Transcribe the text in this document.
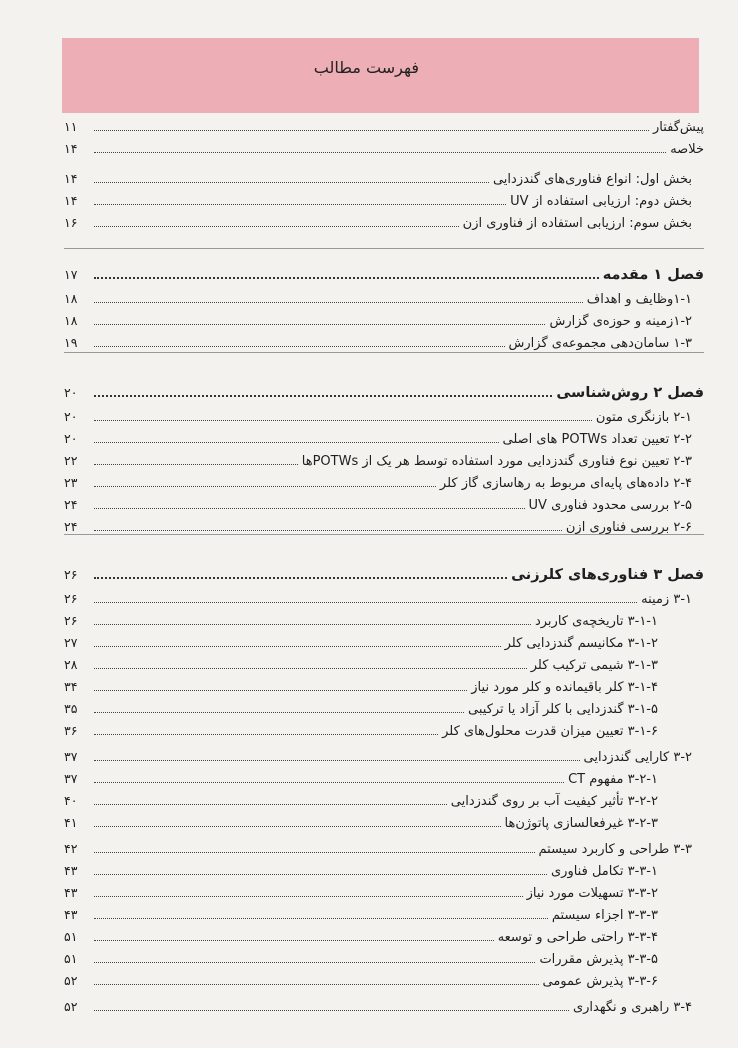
فهرست مطالب
پیش‌گفتار
۱۱
خلاصه
۱۴
بخش اول: انواع فناوری‌های گندزدایی
۱۴
بخش دوم: ارزیابی استفاده از UV
۱۴
بخش سوم: ارزیابی استفاده از فناوری ازن
۱۶
فصل ۱ مقدمه
۱۷
۱-۱وظایف و اهداف
۱۸
۱-۲زمینه و حوزه‌ی گزارش
۱۸
۱-۳ سامان‌دهی مجموعه‌ی گزارش
۱۹
فصل ۲ روش‌شناسی
۲۰
۲-۱ بازنگری متون
۲۰
۲-۲ تعیین تعداد POTWs های اصلی
۲۰
۲-۳ تعیین نوع فناوری گندزدایی مورد استفاده توسط هر یک از POTWsها
۲۲
۲-۴ داده‌های پایه‌ای مربوط به رهاسازی گاز کلر
۲۳
۲-۵ بررسی محدود فناوری UV
۲۴
۲-۶ بررسی فناوری ازن
۲۴
فصل ۳ فناوری‌های کلرزنی
۲۶
۳-۱ زمینه
۲۶
۳-۱-۱ تاریخچه‌ی کاربرد
۲۶
۳-۱-۲ مکانیسم گندزدایی کلر
۲۷
۳-۱-۳ شیمی ترکیب کلر
۲۸
۳-۱-۴ کلر باقیمانده و کلر مورد نیاز
۳۴
۳-۱-۵ گندزدایی با کلر آزاد یا ترکیبی
۳۵
۳-۱-۶ تعیین میزان قدرت محلول‌های کلر
۳۶
۳-۲ کارایی گندزدایی
۳۷
۳-۲-۱ مفهوم CT
۳۷
۳-۲-۲ تأثیر کیفیت آب بر روی گندزدایی
۴۰
۳-۲-۳ غیرفعالسازی پاتوژن‌ها
۴۱
۳-۳ طراحی و کاربرد سیستم
۴۲
۳-۳-۱ تکامل فناوری
۴۳
۳-۳-۲ تسهیلات مورد نیاز
۴۳
۳-۳-۳ اجزاء سیستم
۴۳
۳-۳-۴ راحتی طراحی و توسعه
۵۱
۳-۳-۵ پذیرش مقررات
۵۱
۳-۳-۶ پذیرش عمومی
۵۲
۳-۴ راهبری و نگهداری
۵۲
